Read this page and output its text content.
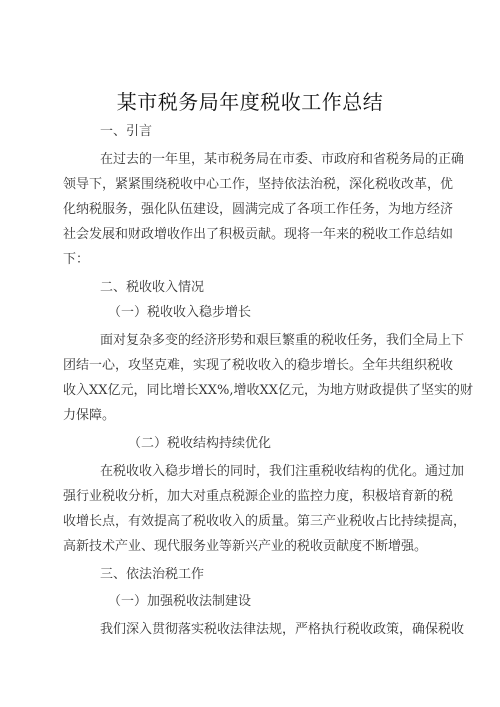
某市税务局年度税收工作总结
一、引言
在过去的一年里，某市税务局在市委、市政府和省税务局的正确
领导下，紧紧围绕税收中心工作，坚持依法治税，深化税收改革，优
化纳税服务，强化队伍建设，圆满完成了各项工作任务，为地方经济
社会发展和财政增收作出了积极贡献。现将一年来的税收工作总结如
下：
二、税收收入情况
（一）税收收入稳步增长
面对复杂多变的经济形势和艰巨繁重的税收任务，我们全局上下
团结一心，攻坚克难，实现了税收收入的稳步增长。全年共组织税收
收入XX亿元，同比增长XX%,增收XX亿元，为地方财政提供了坚实的财
力保障。
（二）税收结构持续优化
在税收收入稳步增长的同时，我们注重税收结构的优化。通过加
强行业税收分析，加大对重点税源企业的监控力度，积极培育新的税
收增长点，有效提高了税收收入的质量。第三产业税收占比持续提高，
高新技术产业、现代服务业等新兴产业的税收贡献度不断增强。
三、依法治税工作
（一）加强税收法制建设
我们深入贯彻落实税收法律法规，严格执行税收政策，确保税收
